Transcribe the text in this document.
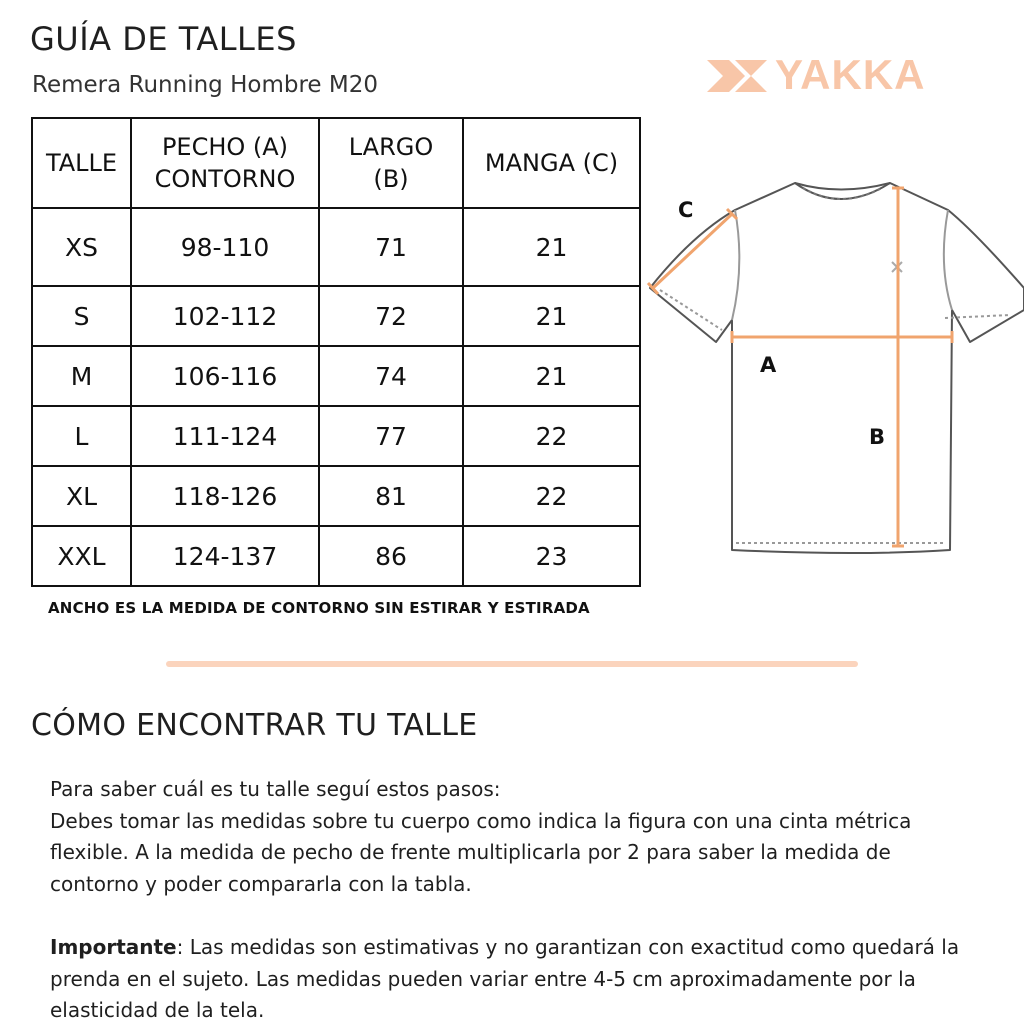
GUÍA DE TALLES
Remera Running Hombre M20	YAKKA
TALLE	PECHO (A) CONTORNO	LARGO (B)	MANGA (C)
XS	98-110	71	21
S	102-112	72	21
M	106-116	74	21
L	111-124	77	22
XL	118-126	81	22
XXL	124-137	86	23
ANCHO ES LA MEDIDA DE CONTORNO SIN ESTIRAR Y ESTIRADA
C
A
B
CÓMO ENCONTRAR TU TALLE
Para saber cuál es tu talle seguí estos pasos:
Debes tomar las medidas sobre tu cuerpo como indica la figura con una cinta métrica flexible. A la medida de pecho de frente multiplicarla por 2 para saber la medida de contorno y poder compararla con la tabla.
Importante: Las medidas son estimativas y no garantizan con exactitud como quedará la prenda en el sujeto. Las medidas pueden variar entre 4-5 cm aproximadamente por la elasticidad de la tela.
